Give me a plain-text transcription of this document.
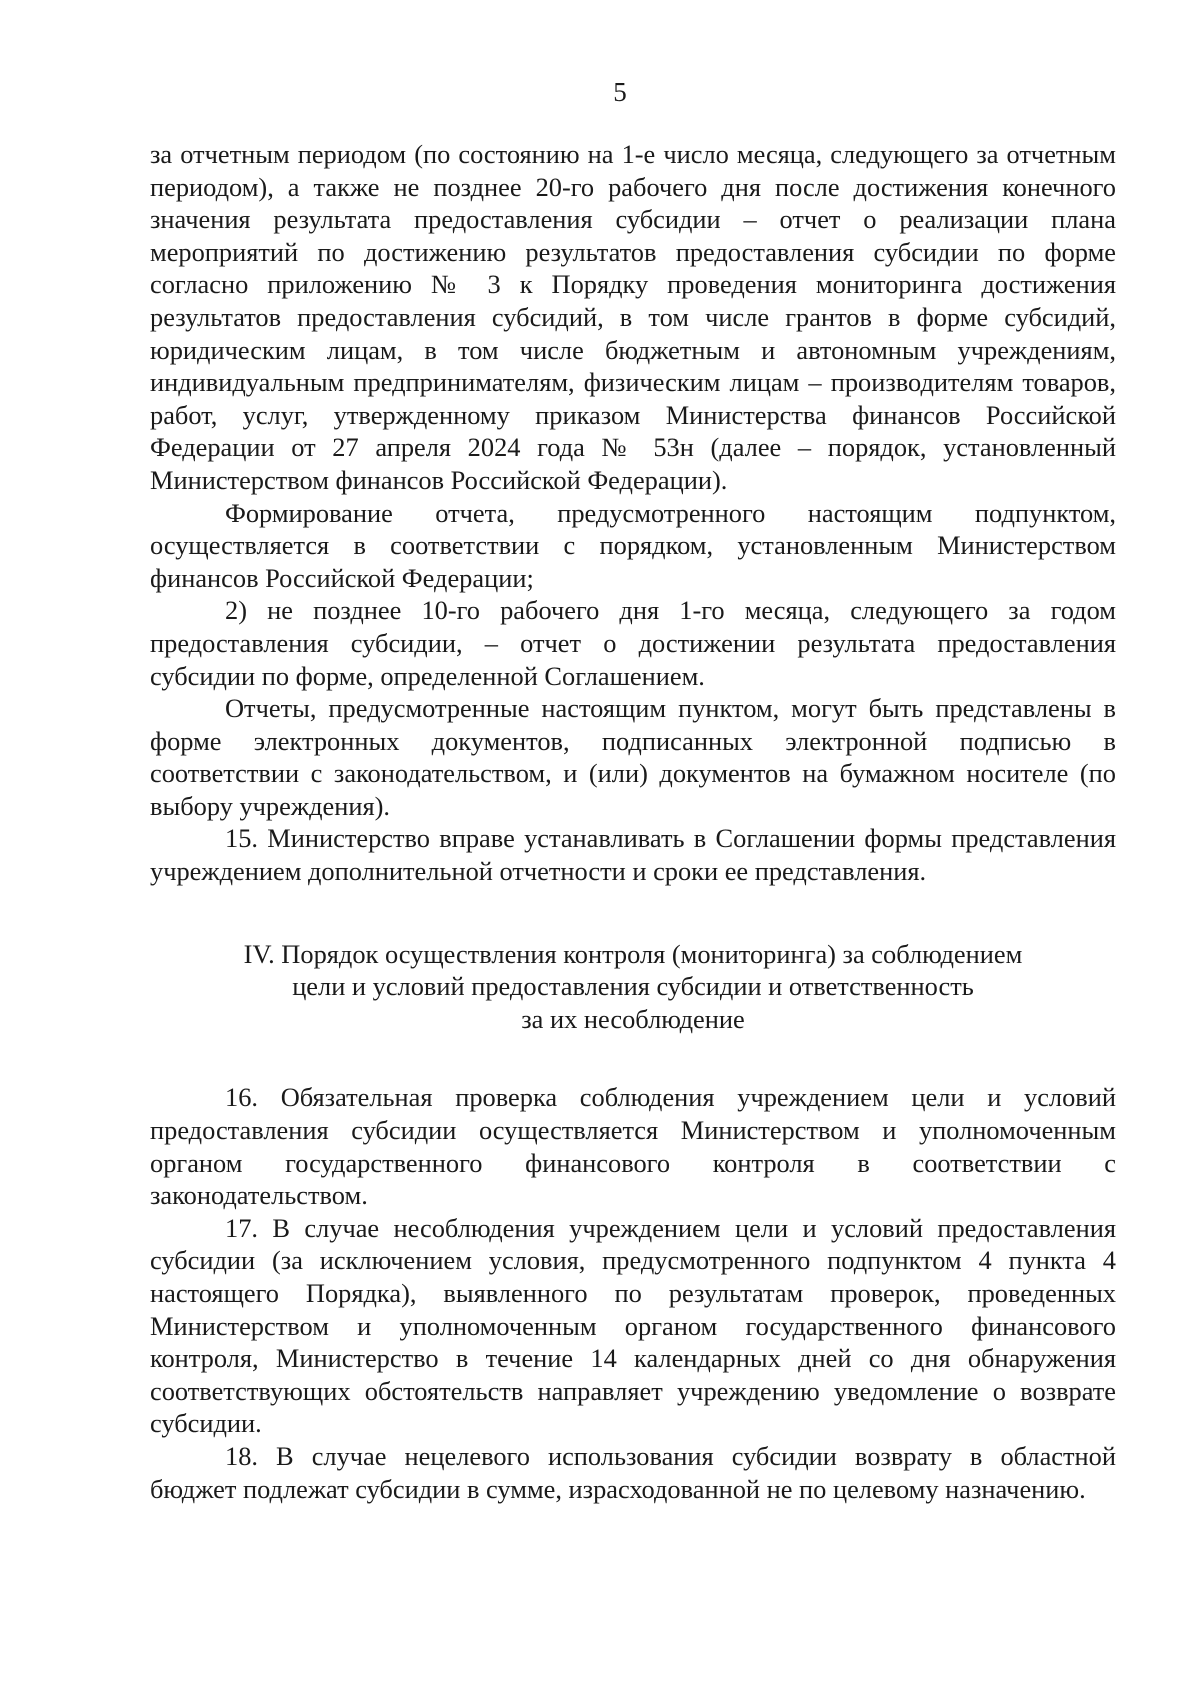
5

за отчетным периодом (по состоянию на 1-е число месяца, следующего за отчетным периодом), а также не позднее 20-го рабочего дня после достижения конечного значения результата предоставления субсидии – отчет о реализации плана мероприятий по достижению результатов предоставления субсидии по форме согласно приложению № 3 к Порядку проведения мониторинга достижения результатов предоставления субсидий, в том числе грантов в форме субсидий, юридическим лицам, в том числе бюджетным и автономным учреждениям, индивидуальным предпринимателям, физическим лицам – производителям товаров, работ, услуг, утвержденному приказом Министерства финансов Российской Федерации от 27 апреля 2024 года № 53н (далее – порядок, установленный Министерством финансов Российской Федерации).

Формирование отчета, предусмотренного настоящим подпунктом, осуществляется в соответствии с порядком, установленным Министерством финансов Российской Федерации;

2) не позднее 10-го рабочего дня 1-го месяца, следующего за годом предоставления субсидии, – отчет о достижении результата предоставления субсидии по форме, определенной Соглашением.

Отчеты, предусмотренные настоящим пунктом, могут быть представлены в форме электронных документов, подписанных электронной подписью в соответствии с законодательством, и (или) документов на бумажном носителе (по выбору учреждения).

15. Министерство вправе устанавливать в Соглашении формы представления учреждением дополнительной отчетности и сроки ее представления.

IV. Порядок осуществления контроля (мониторинга) за соблюдением
цели и условий предоставления субсидии и ответственность
за их несоблюдение

16. Обязательная проверка соблюдения учреждением цели и условий предоставления субсидии осуществляется Министерством и уполномоченным органом государственного финансового контроля в соответствии с законодательством.

17. В случае несоблюдения учреждением цели и условий предоставления субсидии (за исключением условия, предусмотренного подпунктом 4 пункта 4 настоящего Порядка), выявленного по результатам проверок, проведенных Министерством и уполномоченным органом государственного финансового контроля, Министерство в течение 14 календарных дней со дня обнаружения соответствующих обстоятельств направляет учреждению уведомление о возврате субсидии.

18. В случае нецелевого использования субсидии возврату в областной бюджет подлежат субсидии в сумме, израсходованной не по целевому назначению.
